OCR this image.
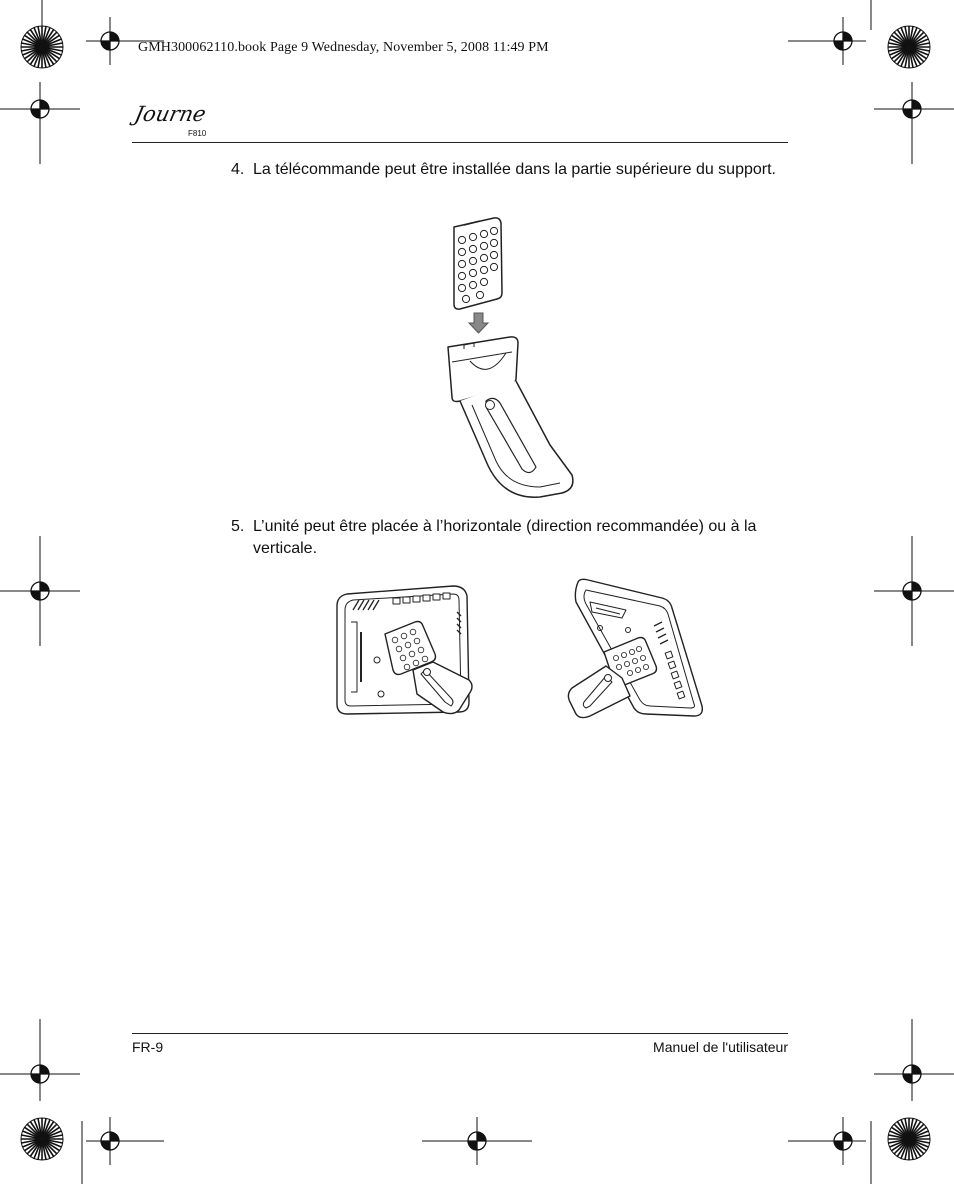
GMH300062110.book Page 9 Wednesday, November 5, 2008 11:49 PM
Journe
F810
4. La télécommande peut être installée dans la partie supérieure du support.
5. L’unité peut être placée à l’horizontale (direction recommandée) ou à la verticale.
FR-9	Manuel de l'utilisateur
